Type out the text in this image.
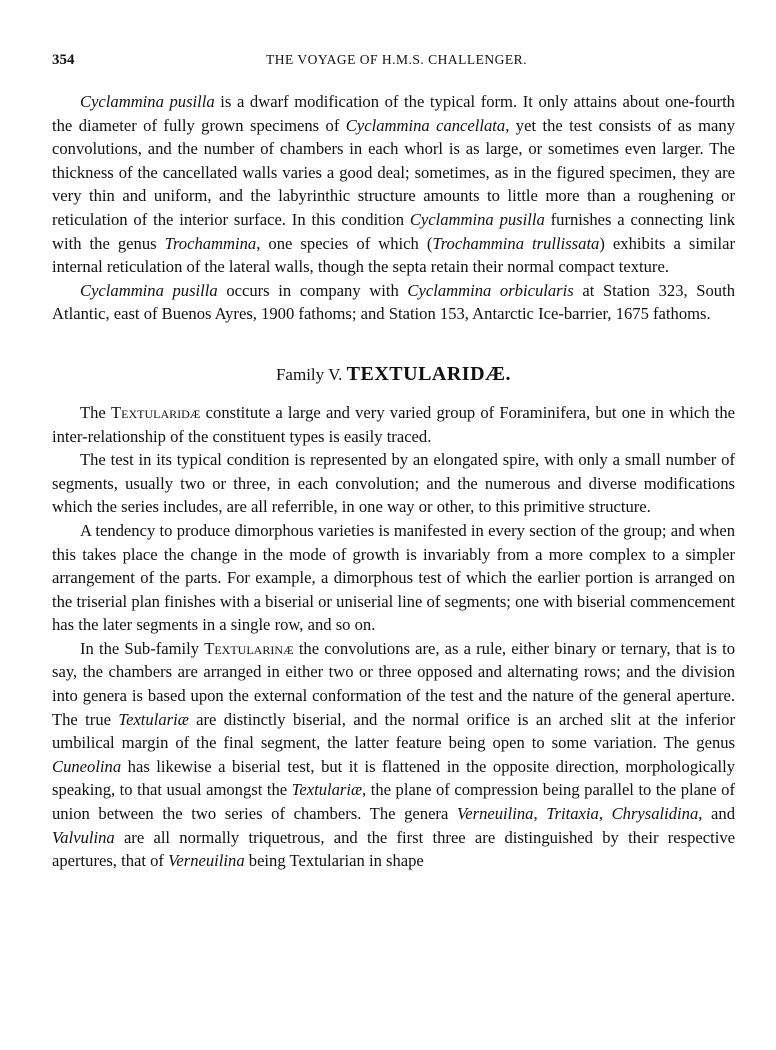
354	THE VOYAGE OF H.M.S. CHALLENGER.

Cyclammina pusilla is a dwarf modification of the typical form. It only attains about one-fourth the diameter of fully grown specimens of Cyclammina cancellata, yet the test consists of as many convolutions, and the number of chambers in each whorl is as large, or sometimes even larger. The thickness of the cancellated walls varies a good deal; sometimes, as in the figured specimen, they are very thin and uniform, and the labyrinthic structure amounts to little more than a roughening or reticulation of the interior surface. In this condition Cyclammina pusilla furnishes a connecting link with the genus Trochammina, one species of which (Trochammina trullissata) exhibits a similar internal reticulation of the lateral walls, though the septa retain their normal compact texture.

Cyclammina pusilla occurs in company with Cyclammina orbicularis at Station 323, South Atlantic, east of Buenos Ayres, 1900 fathoms; and Station 153, Antarctic Ice-barrier, 1675 fathoms.

Family V. TEXTULARIDÆ.

The Textularidæ constitute a large and very varied group of Foraminifera, but one in which the inter-relationship of the constituent types is easily traced.

The test in its typical condition is represented by an elongated spire, with only a small number of segments, usually two or three, in each convolution; and the numerous and diverse modifications which the series includes, are all referrible, in one way or other, to this primitive structure.

A tendency to produce dimorphous varieties is manifested in every section of the group; and when this takes place the change in the mode of growth is invariably from a more complex to a simpler arrangement of the parts. For example, a dimorphous test of which the earlier portion is arranged on the triserial plan finishes with a biserial or uniserial line of segments; one with biserial commencement has the later segments in a single row, and so on.

In the Sub-family Textularinæ the convolutions are, as a rule, either binary or ternary, that is to say, the chambers are arranged in either two or three opposed and alternating rows; and the division into genera is based upon the external conformation of the test and the nature of the general aperture. The true Textulariæ are distinctly biserial, and the normal orifice is an arched slit at the inferior umbilical margin of the final segment, the latter feature being open to some variation. The genus Cuneolina has likewise a biserial test, but it is flattened in the opposite direction, morphologically speaking, to that usual amongst the Textulariæ, the plane of compression being parallel to the plane of union between the two series of chambers. The genera Verneuilina, Tritaxia, Chrysalidina, and Valvulina are all normally triquetrous, and the first three are distinguished by their respective apertures, that of Verneuilina being Textularian in shape
